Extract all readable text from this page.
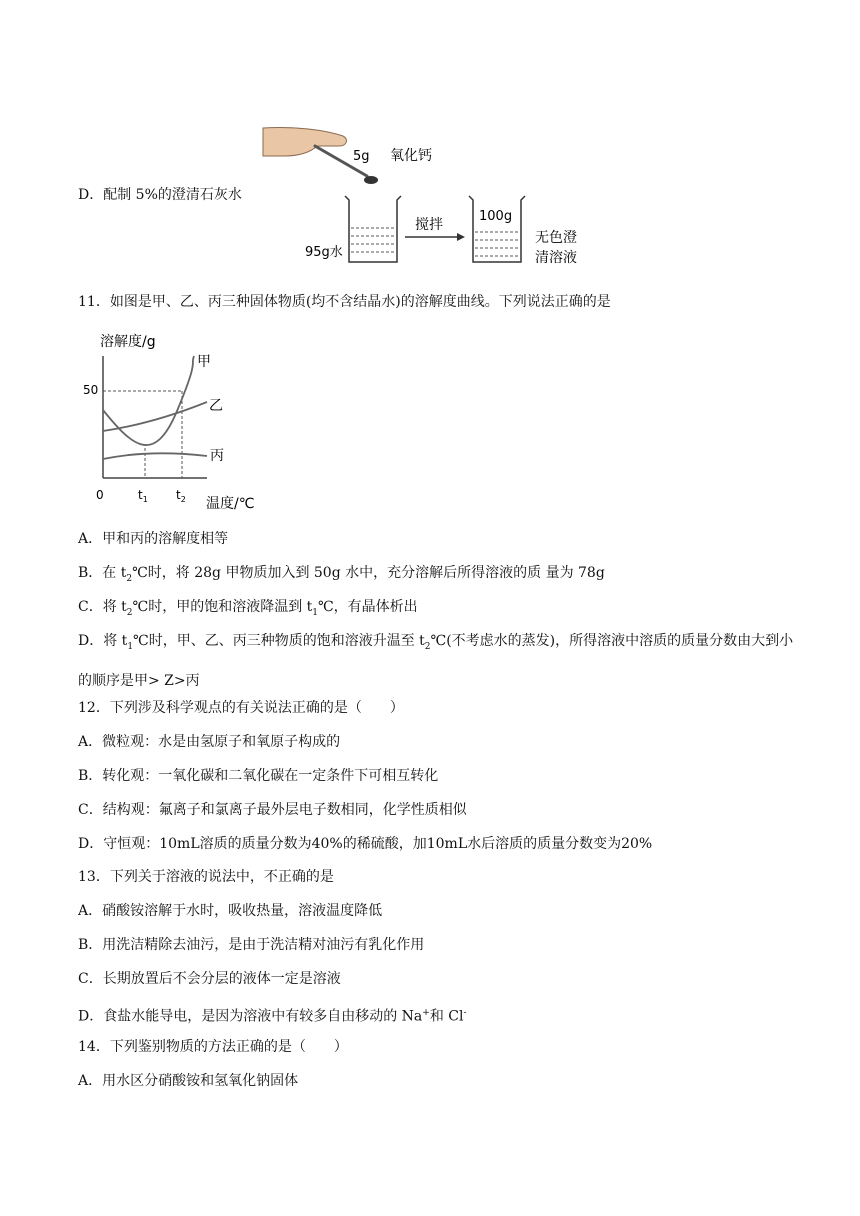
D．配制 5%的澄清石灰水
5g 氧化钙
95g水
搅拌
100g
无色澄
清溶液
11．如图是甲、乙、丙三种固体物质(均不含结晶水)的溶解度曲线。下列说法正确的是
溶解度/g
0
50
$t_1$ $t_2$
甲
乙
丙
温度/℃
A．甲和丙的溶解度相等
B．在 $t_2℃$时，将 28g 甲物质加入到 50g 水中，充分溶解后所得溶液的质 量为 78g
C．将 $t_2℃$时，甲的饱和溶液降温到 $t_1℃$，有晶体析出
D．将 $t_1℃$时，甲、乙、丙三种物质的饱和溶液升温至 $t_2℃$(不考虑水的蒸发)，所得溶液中溶质的质量分数由大到小的顺序是甲> Z>丙
12．下列涉及科学观点的有关说法正确的是（　　）
A．微粒观：水是由氢原子和氧原子构成的
B．转化观：一氧化碳和二氧化碳在一定条件下可相互转化
C．结构观：氟离子和氯离子最外层电子数相同，化学性质相似
D．守恒观：10mL溶质的质量分数为40%的稀硫酸，加10mL水后溶质的质量分数变为20%
13．下列关于溶液的说法中，不正确的是
A．硝酸铵溶解于水时，吸收热量，溶液温度降低
B．用洗洁精除去油污，是由于洗洁精对油污有乳化作用
C．长期放置后不会分层的液体一定是溶液
D．食盐水能导电，是因为溶液中有较多自由移动的 Na+和 Cl-
14．下列鉴别物质的方法正确的是（　　）
A．用水区分硝酸铵和氢氧化钠固体
